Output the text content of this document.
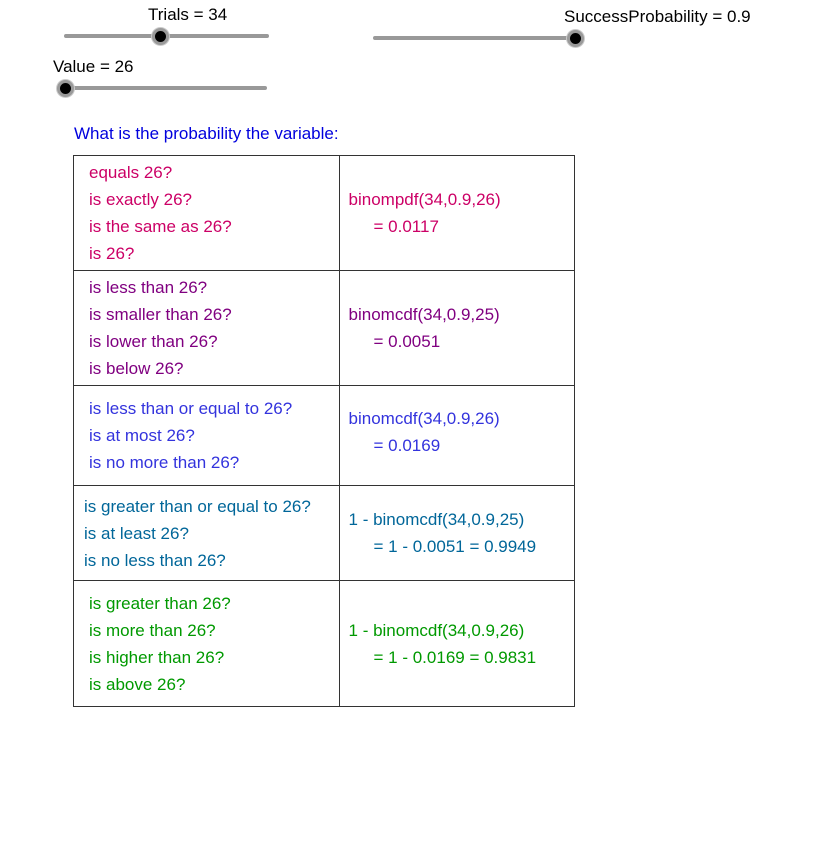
Trials = 34	SuccessProbability = 0.9
Value = 26
What is the probability the variable:
equals 26?
is exactly 26?
is the same as 26?
is 26?	binompdf(34,0.9,26)
= 0.0117

is less than 26?
is smaller than 26?
is lower than 26?
is below 26?	binomcdf(34,0.9,25)
= 0.0051

is less than or equal to 26?
is at most 26?
is no more than 26?	binomcdf(34,0.9,26)
= 0.0169

is greater than or equal to 26?
is at least 26?
is no less than 26?	1 - binomcdf(34,0.9,25)
= 1 - 0.0051 = 0.9949

is greater than 26?
is more than 26?
is higher than 26?
is above 26?	1 - binomcdf(34,0.9,26)
= 1 - 0.0169 = 0.9831
